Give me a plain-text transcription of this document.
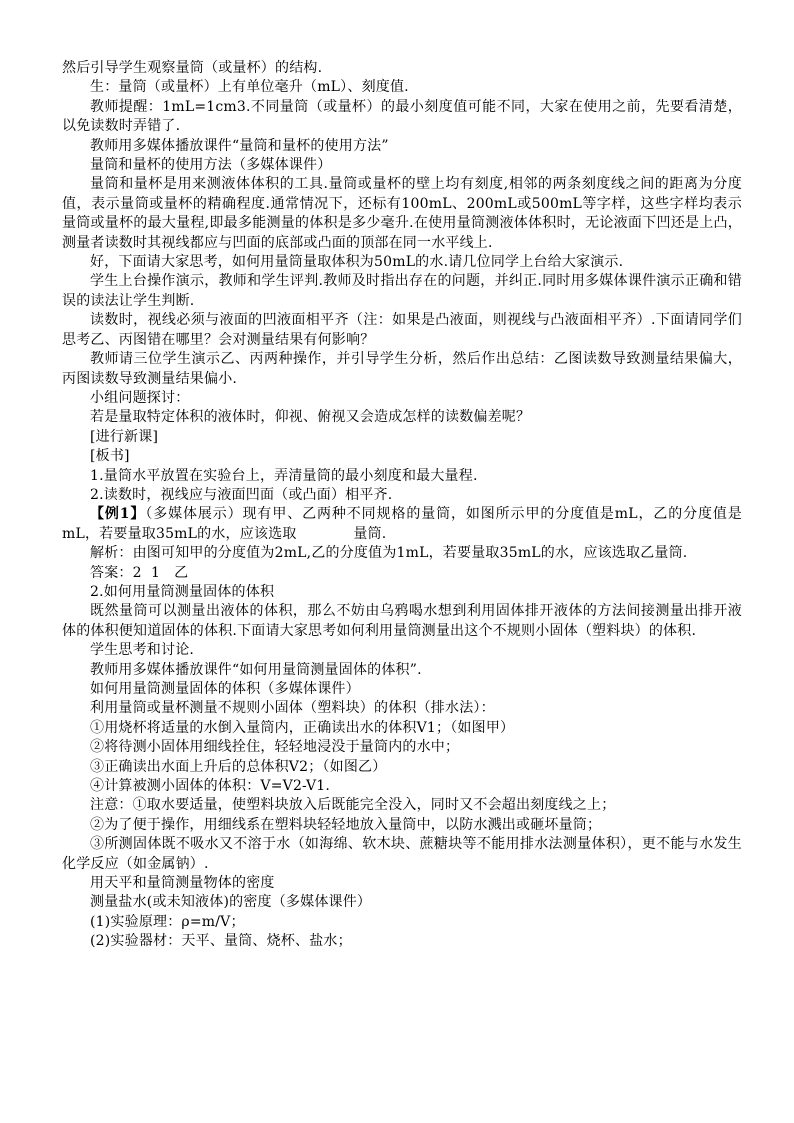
然后引导学生观察量筒（或量杯）的结构.

生：量筒（或量杯）上有单位毫升（mL）、刻度值.

教师提醒：1mL=1cm3.不同量筒（或量杯）的最小刻度值可能不同，大家在使用之前，先要看清楚，以免读数时弄错了.

教师用多媒体播放课件“量筒和量杯的使用方法”

量筒和量杯的使用方法（多媒体课件）

量筒和量杯是用来测液体体积的工具.量筒或量杯的壁上均有刻度,相邻的两条刻度线之间的距离为分度值，表示量筒或量杯的精确程度.通常情况下，还标有100mL、200mL或500mL等字样，这些字样均表示量筒或量杯的最大量程,即最多能测量的体积是多少毫升.在使用量筒测液体体积时，无论液面下凹还是上凸，测量者读数时其视线都应与凹面的底部或凸面的顶部在同一水平线上.

好，下面请大家思考，如何用量筒量取体积为50mL的水.请几位同学上台给大家演示.

学生上台操作演示，教师和学生评判.教师及时指出存在的问题，并纠正.同时用多媒体课件演示正确和错误的读法让学生判断.

读数时，视线必须与液面的凹液面相平齐（注：如果是凸液面，则视线与凸液面相平齐）.下面请同学们思考乙、丙图错在哪里？会对测量结果有何影响？

教师请三位学生演示乙、丙两种操作，并引导学生分析，然后作出总结：乙图读数导致测量结果偏大，丙图读数导致测量结果偏小.

小组问题探讨：

若是量取特定体积的液体时，仰视、俯视又会造成怎样的读数偏差呢？

[进行新课]

[板书]

1.量筒水平放置在实验台上，弄清量筒的最小刻度和最大量程.

2.读数时，视线应与液面凹面（或凸面）相平齐.

【例1】（多媒体展示）现有甲、乙两种不同规格的量筒，如图所示甲的分度值是mL，乙的分度值是　　　mL，若要量取35mL的水，应该选取　　　　量筒.

解析：由图可知甲的分度值为2mL,乙的分度值为1mL，若要量取35mL的水，应该选取乙量筒.

答案：2  1   乙

2.如何用量筒测量固体的体积

既然量筒可以测量出液体的体积，那么不妨由乌鸦喝水想到利用固体排开液体的方法间接测量出排开液体的体积便知道固体的体积.下面请大家思考如何利用量筒测量出这个不规则小固体（塑料块）的体积.

学生思考和讨论.

教师用多媒体播放课件“如何用量筒测量固体的体积”.

如何用量筒测量固体的体积（多媒体课件）

利用量筒或量杯测量不规则小固体（塑料块）的体积（排水法）：

①用烧杯将适量的水倒入量筒内，正确读出水的体积V1；（如图甲）

②将待测小固体用细线拴住，轻轻地浸没于量筒内的水中；

③正确读出水面上升后的总体积V2；（如图乙）

④计算被测小固体的体积：V=V2-V1.

注意：①取水要适量，使塑料块放入后既能完全没入，同时又不会超出刻度线之上；

②为了便于操作，用细线系在塑料块轻轻地放入量筒中，以防水溅出或砸坏量筒；

③所测固体既不吸水又不溶于水（如海绵、软木块、蔗糖块等不能用排水法测量体积），更不能与水发生化学反应（如金属钠）.

用天平和量筒测量物体的密度

测量盐水(或未知液体)的密度（多媒体课件）

(1)实验原理：ρ=m/V；

(2)实验器材：天平、量筒、烧杯、盐水；
